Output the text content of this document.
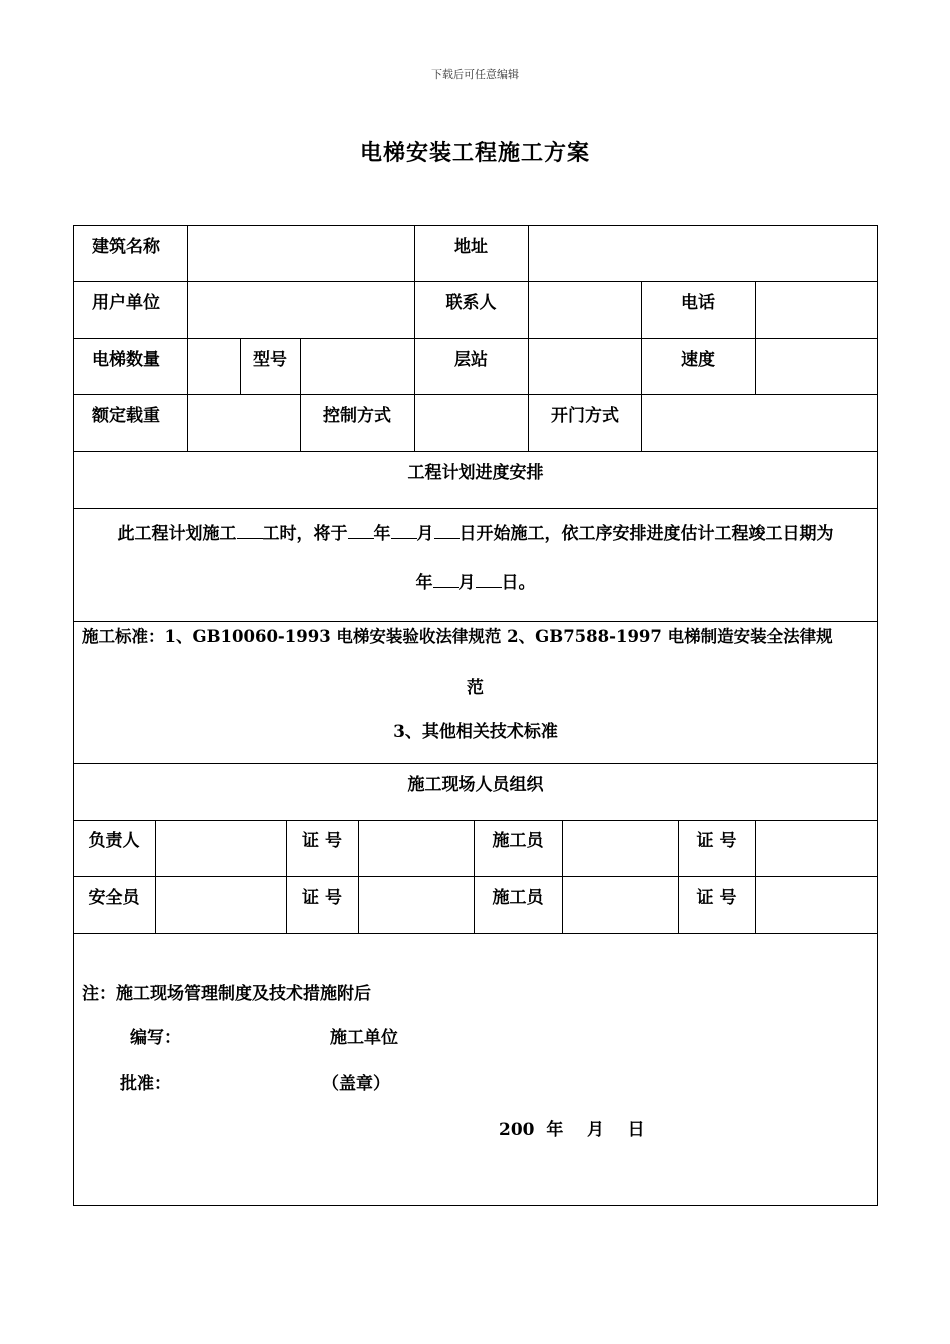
下载后可任意编辑
电梯安装工程施工方案
建筑名称	地址
用户单位	联系人	电话
电梯数量	型号	层站	速度
额定载重	控制方式	开门方式
工程计划进度安排
此工程计划施工 工时，将于 年 月 日开始施工，依工序安排进度估计工程竣工日期为
年 月 日。
施工标准：1、GB10060-1993 电梯安装验收法律规范 2、GB7588-1997 电梯制造安装全法律规
范
3、其他相关技术标准
施工现场人员组织
负责人	证 号	施工员	证 号
安全员	证 号	施工员	证 号
注：施工现场管理制度及技术措施附后
编写：	施工单位
批准：	（盖章）
200  年    月    日
